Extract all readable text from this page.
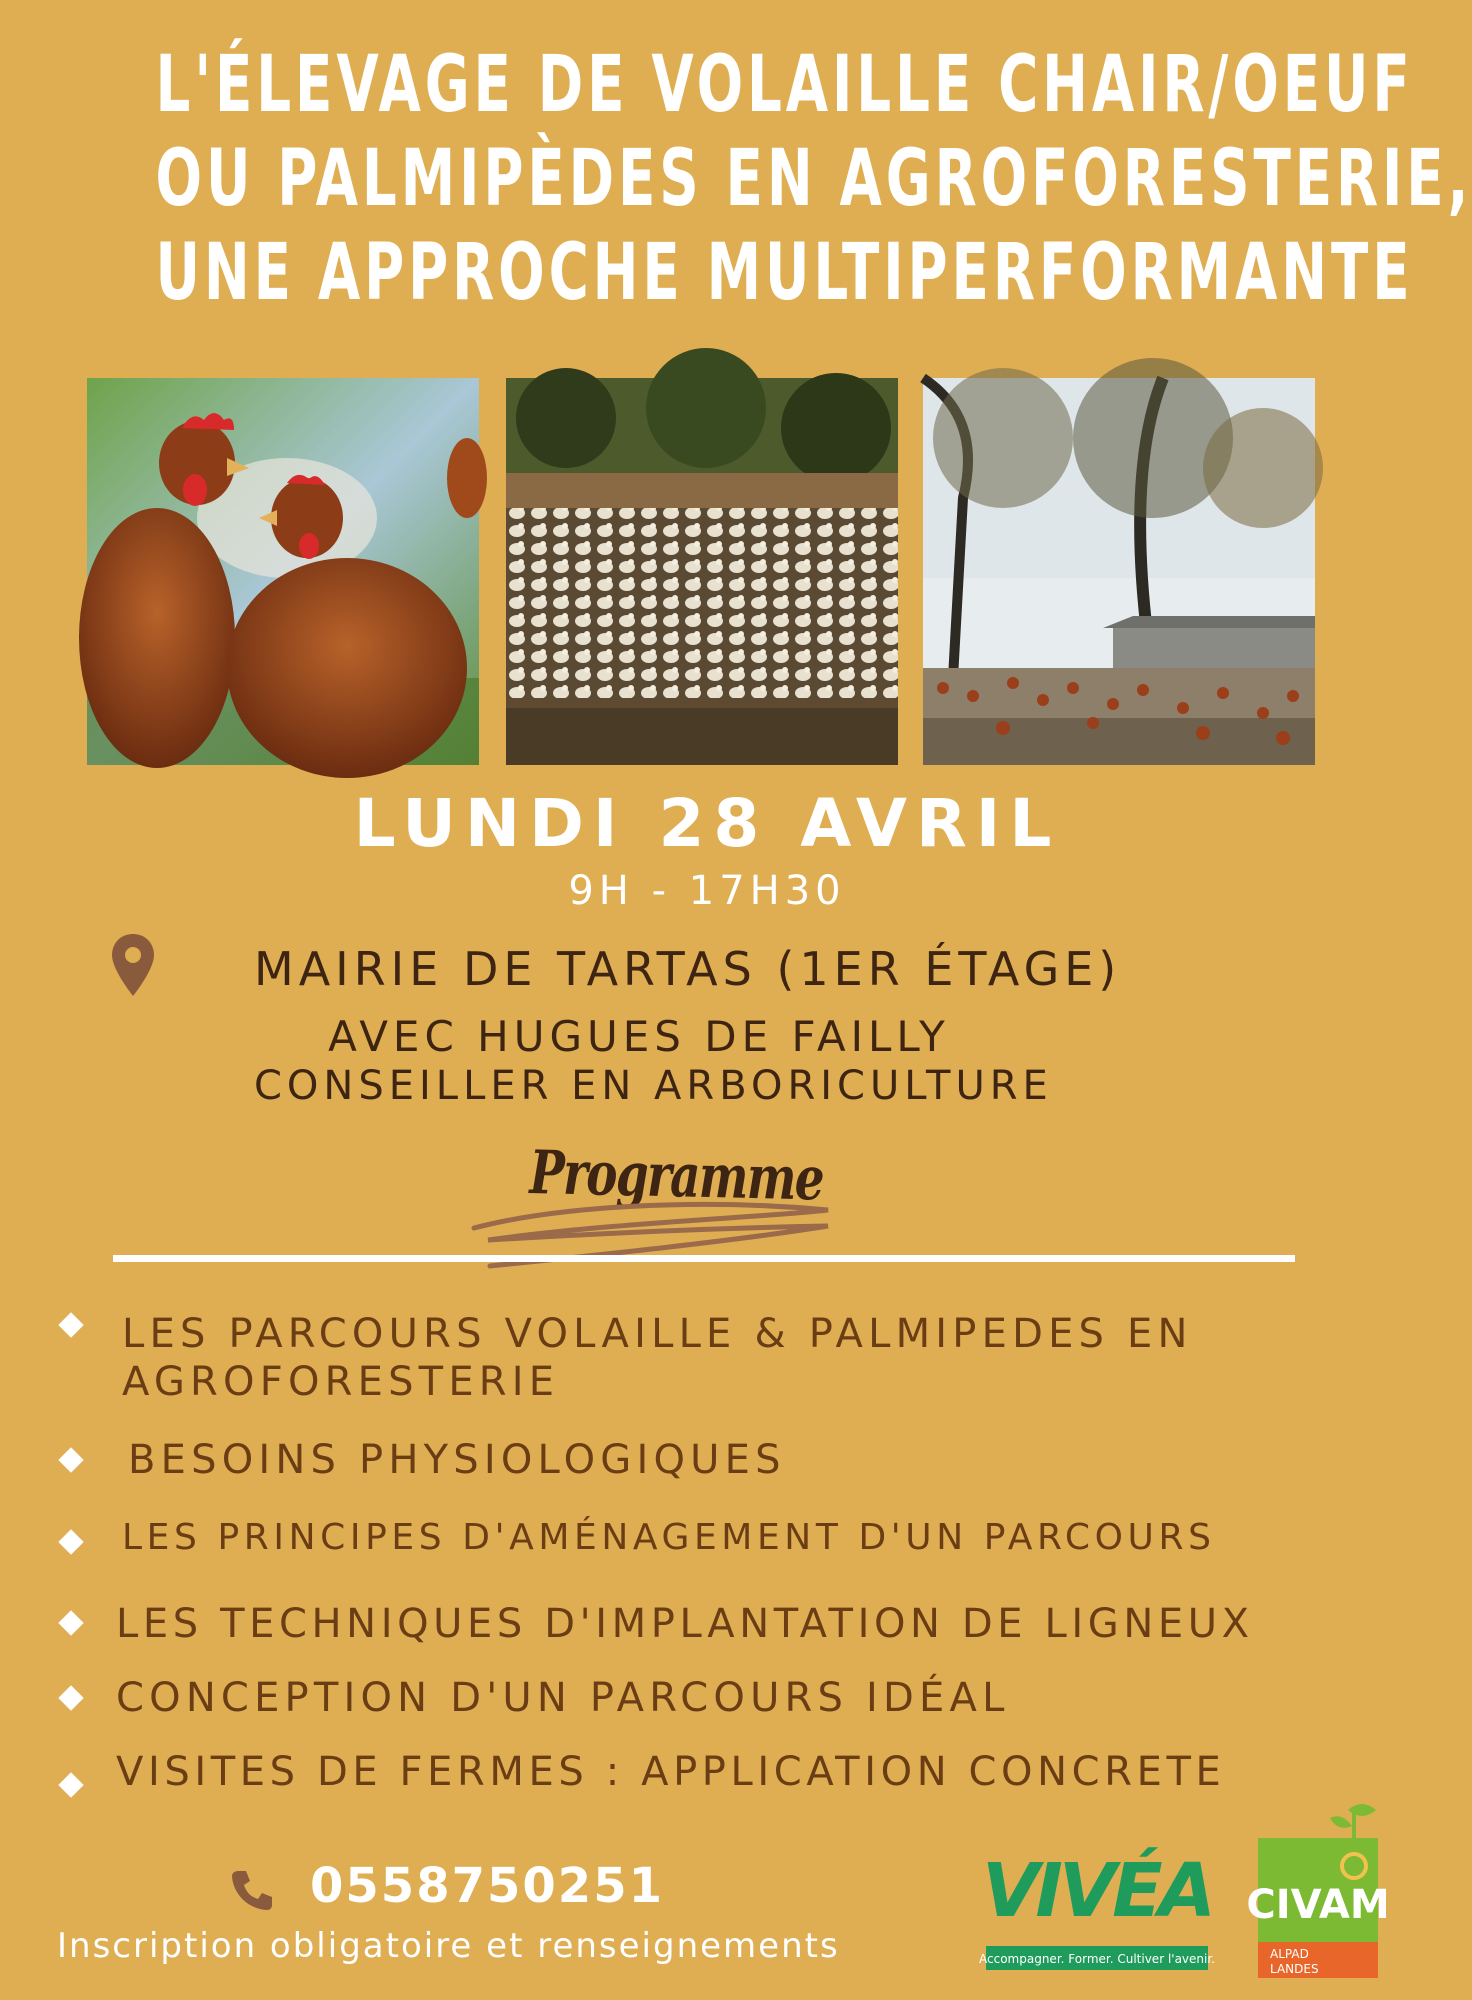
L'ÉLEVAGE DE VOLAILLE CHAIR/OEUF
OU PALMIPÈDES EN AGROFORESTERIE,
UNE APPROCHE MULTIPERFORMANTE
LUNDI 28 AVRIL
9H - 17H30
MAIRIE DE TARTAS (1ER ÉTAGE)
AVEC HUGUES DE FAILLY
CONSEILLER EN ARBORICULTURE
Programme
LES PARCOURS VOLAILLE & PALMIPEDES EN
AGROFORESTERIE
BESOINS PHYSIOLOGIQUES
LES PRINCIPES D'AMÉNAGEMENT D'UN PARCOURS
LES TECHNIQUES D'IMPLANTATION DE LIGNEUX
CONCEPTION D'UN PARCOURS IDÉAL
VISITES DE FERMES : APPLICATION CONCRETE
0558750251
Inscription obligatoire et renseignements
VIVÉA
Accompagner. Former. Cultiver l'avenir.
CIVAM
ALPAD
LANDES
